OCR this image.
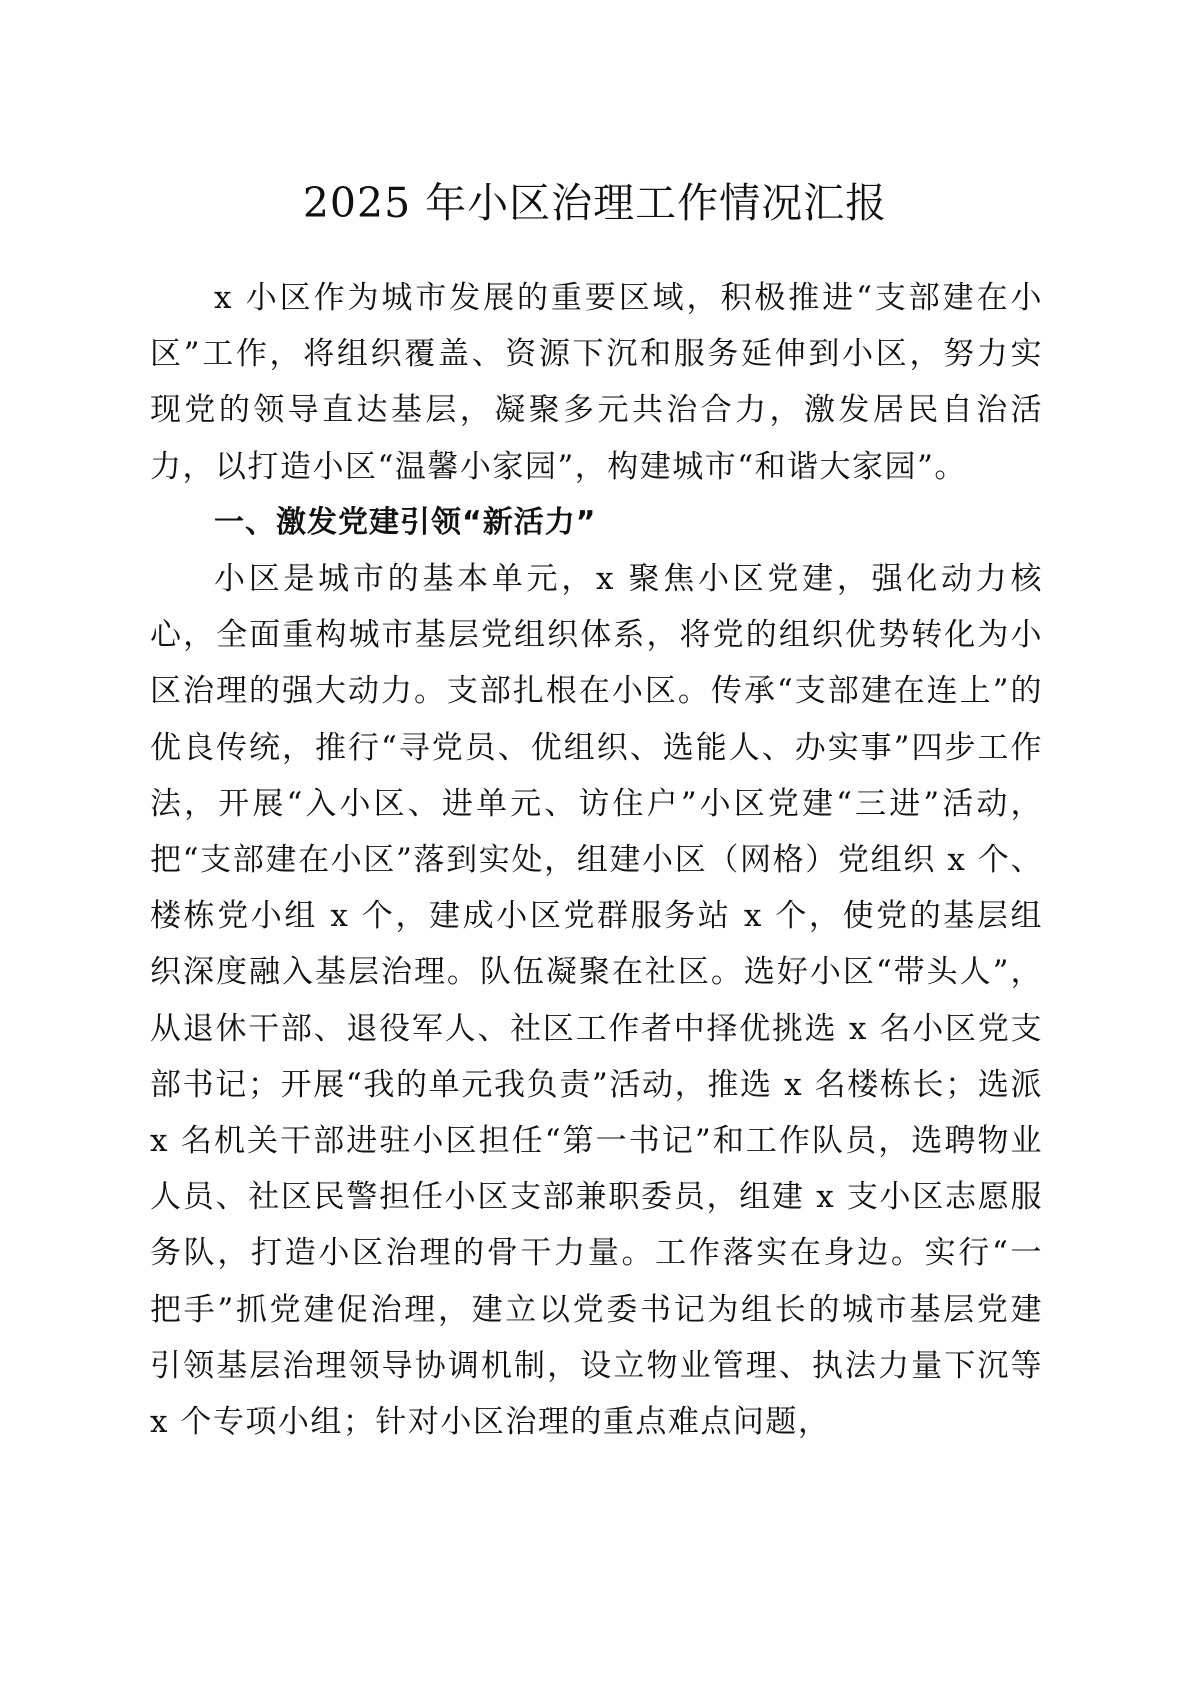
2025 年小区治理工作情况汇报

x 小区作为城市发展的重要区域，积极推进“支部建在小区”工作，将组织覆盖、资源下沉和服务延伸到小区，努力实现党的领导直达基层，凝聚多元共治合力，激发居民自治活力，以打造小区“温馨小家园”，构建城市“和谐大家园”。

一、激发党建引领“新活力”

小区是城市的基本单元，x 聚焦小区党建，强化动力核心，全面重构城市基层党组织体系，将党的组织优势转化为小区治理的强大动力。支部扎根在小区。传承“支部建在连上”的优良传统，推行“寻党员、优组织、选能人、办实事”四步工作法，开展“入小区、进单元、访住户”小区党建“三进”活动，把“支部建在小区”落到实处，组建小区（网格）党组织 x 个、楼栋党小组 x 个，建成小区党群服务站 x 个，使党的基层组织深度融入基层治理。队伍凝聚在社区。选好小区“带头人”，从退休干部、退役军人、社区工作者中择优挑选 x 名小区党支部书记；开展“我的单元我负责”活动，推选 x 名楼栋长；选派 x 名机关干部进驻小区担任“第一书记”和工作队员，选聘物业人员、社区民警担任小区支部兼职委员，组建 x 支小区志愿服务队，打造小区治理的骨干力量。工作落实在身边。实行“一把手”抓党建促治理，建立以党委书记为组长的城市基层党建引领基层治理领导协调机制，设立物业管理、执法力量下沉等 x 个专项小组；针对小区治理的重点难点问题，
